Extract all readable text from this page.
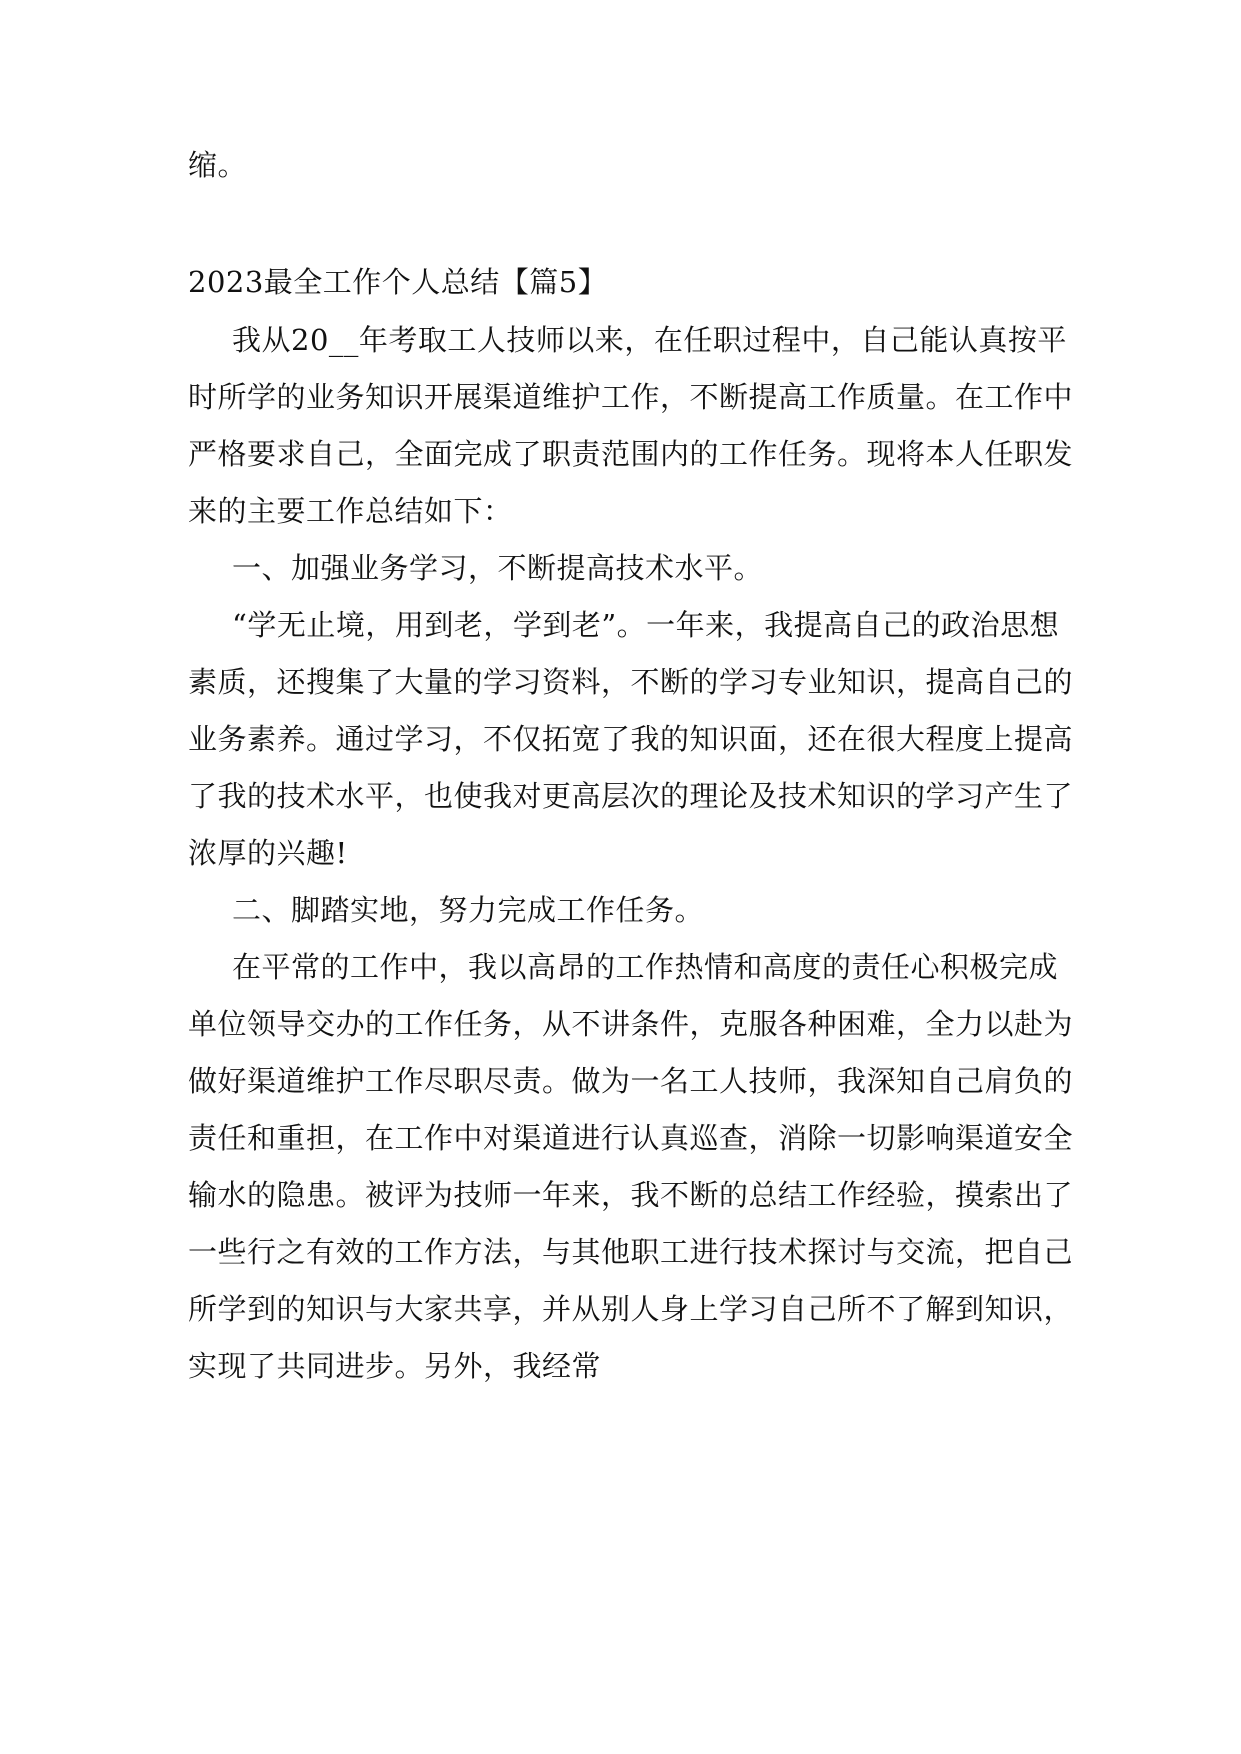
缩。
2023最全工作个人总结【篇5】
我从20__年考取工人技师以来，在任职过程中，自己能认真按平
时所学的业务知识开展渠道维护工作，不断提高工作质量。在工作中
严格要求自己，全面完成了职责范围内的工作任务。现将本人任职发
来的主要工作总结如下：
一、加强业务学习，不断提高技术水平。
“学无止境，用到老，学到老”。一年来，我提高自己的政治思想
素质，还搜集了大量的学习资料，不断的学习专业知识，提高自己的
业务素养。通过学习，不仅拓宽了我的知识面，还在很大程度上提高
了我的技术水平，也使我对更高层次的理论及技术知识的学习产生了
浓厚的兴趣!
二、脚踏实地，努力完成工作任务。
在平常的工作中，我以高昂的工作热情和高度的责任心积极完成
单位领导交办的工作任务，从不讲条件，克服各种困难，全力以赴为
做好渠道维护工作尽职尽责。做为一名工人技师，我深知自己肩负的
责任和重担，在工作中对渠道进行认真巡查，消除一切影响渠道安全
输水的隐患。被评为技师一年来，我不断的总结工作经验，摸索出了
一些行之有效的工作方法，与其他职工进行技术探讨与交流，把自己
所学到的知识与大家共享，并从别人身上学习自己所不了解到知识，
实现了共同进步。另外，我经常
